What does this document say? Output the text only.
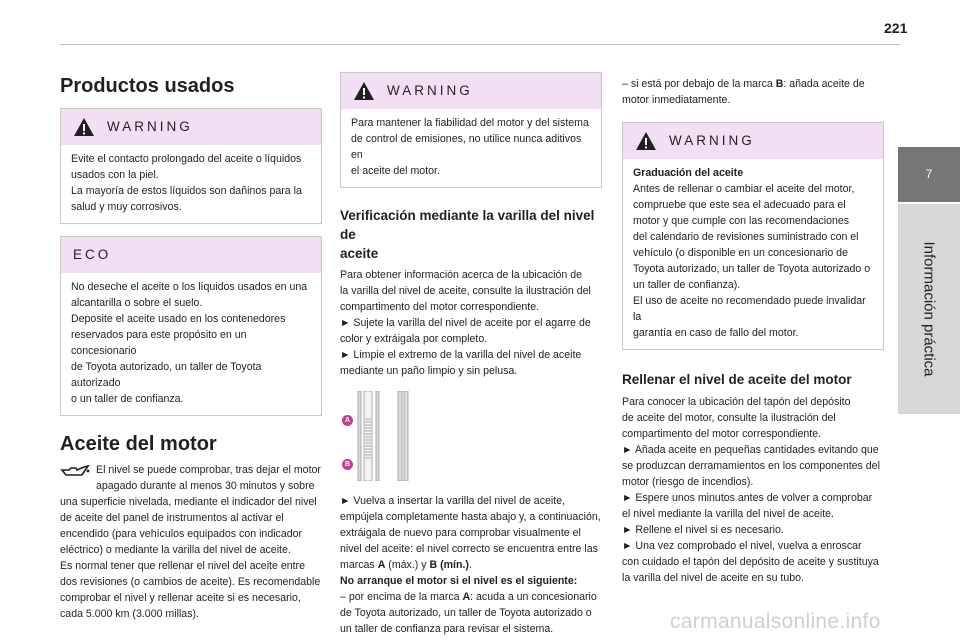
221
7
Información práctica
Productos usados
WARNING

Evite el contacto prolongado del aceite o líquidos

usados con la piel.

La mayoría de estos líquidos son dañinos para la

salud y muy corrosivos.

ECO

No deseche el aceite o los líquidos usados en una

alcantarilla o sobre el suelo.

Deposite el aceite usado en los contenedores

reservados para este propósito en un concesionario

de Toyota autorizado, un taller de Toyota autorizado

o un taller de confianza.

Aceite del motor

El nivel se puede comprobar, tras dejar el motor

apagado durante al menos 30 minutos y sobre

una superficie nivelada, mediante el indicador del nivel

de aceite del panel de instrumentos al activar el

encendido (para vehículos equipados con indicador

eléctrico) o mediante la varilla del nivel de aceite.

Es normal tener que rellenar el nivel del aceite entre

dos revisiones (o cambios de aceite). Es recomendable

comprobar el nivel y rellenar aceite si es necesario,

cada 5.000 km (3.000 millas).

WARNING

Para mantener la fiabilidad del motor y del sistema

de control de emisiones, no utilice nunca aditivos en

el aceite del motor.

Verificación mediante la varilla del nivel de
aceite

Para obtener información acerca de la ubicación de

la varilla del nivel de aceite, consulte la ilustración del

compartimento del motor correspondiente.

► Sujete la varilla del nivel de aceite por el agarre de

color y extráigala por completo.

► Limpie el extremo de la varilla del nivel de aceite

mediante un paño limpio y sin pelusa.

A
B

► Vuelva a insertar la varilla del nivel de aceite,

empújela completamente hasta abajo y, a continuación,

extráigala de nuevo para comprobar visualmente el

nivel del aceite: el nivel correcto se encuentra entre las

marcas A (máx.) y B (mín.).

No arranque el motor si el nivel es el siguiente:

– por encima de la marca A: acuda a un concesionario

de Toyota autorizado, un taller de Toyota autorizado o

un taller de confianza para revisar el sistema.

– si está por debajo de la marca B: añada aceite de

motor inmediatamente.

WARNING

Graduación del aceite

Antes de rellenar o cambiar el aceite del motor,

compruebe que este sea el adecuado para el

motor y que cumple con las recomendaciones

del calendario de revisiones suministrado con el

vehículo (o disponible en un concesionario de

Toyota autorizado, un taller de Toyota autorizado o

un taller de confianza).

El uso de aceite no recomendado puede invalidar la

garantía en caso de fallo del motor.

Rellenar el nivel de aceite del motor

Para conocer la ubicación del tapón del depósito

de aceite del motor, consulte la ilustración del

compartimento del motor correspondiente.

► Añada aceite en pequeñas cantidades evitando que

se produzcan derramamientos en los componentes del

motor (riesgo de incendios).

► Espere unos minutos antes de volver a comprobar

el nivel mediante la varilla del nivel de aceite.

► Rellene el nivel si es necesario.

► Una vez comprobado el nivel, vuelva a enroscar

con cuidado el tapón del depósito de aceite y sustituya

la varilla del nivel de aceite en su tubo.

carmanualsonline.info
